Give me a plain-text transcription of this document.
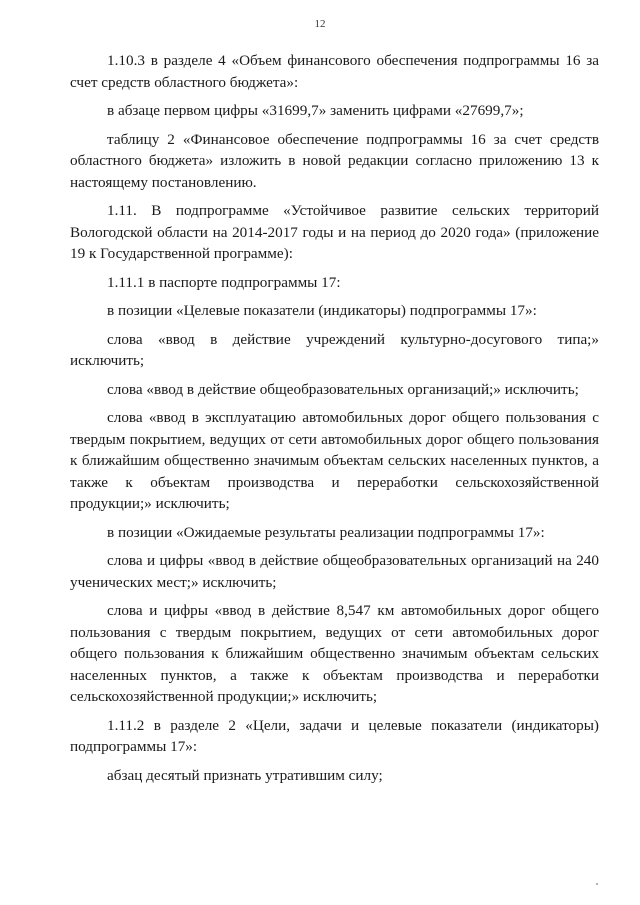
12

1.10.3 в разделе 4 «Объем финансового обеспечения подпрограммы 16 за счет средств областного бюджета»:

в абзаце первом цифры «31699,7» заменить цифрами «27699,7»;

таблицу 2 «Финансовое обеспечение подпрограммы 16 за счет средств областного бюджета» изложить в новой редакции согласно приложению 13 к настоящему постановлению.

1.11. В подпрограмме «Устойчивое развитие сельских территорий Вологодской области на 2014-2017 годы и на период до 2020 года» (приложение 19 к Государственной программе):

1.11.1 в паспорте подпрограммы 17:

в позиции «Целевые показатели (индикаторы) подпрограммы 17»:

слова «ввод в действие учреждений культурно-досугового типа;» исключить;

слова «ввод в действие общеобразовательных организаций;» исключить;

слова «ввод в эксплуатацию автомобильных дорог общего пользования с твердым покрытием, ведущих от сети автомобильных дорог общего пользования к ближайшим общественно значимым объектам сельских населенных пунктов, а также к объектам производства и переработки сельскохозяйственной продукции;» исключить;

в позиции «Ожидаемые результаты реализации подпрограммы 17»:

слова и цифры «ввод в действие общеобразовательных организаций на 240 ученических мест;» исключить;

слова и цифры «ввод в действие 8,547 км автомобильных дорог общего пользования с твердым покрытием, ведущих от сети автомобильных дорог общего пользования к ближайшим общественно значимым объектам сельских населенных пунктов, а также к объектам производства и переработки сельскохозяйственной продукции;» исключить;

1.11.2 в разделе 2 «Цели, задачи и целевые показатели (индикаторы) подпрограммы 17»:

абзац десятый признать утратившим силу;
